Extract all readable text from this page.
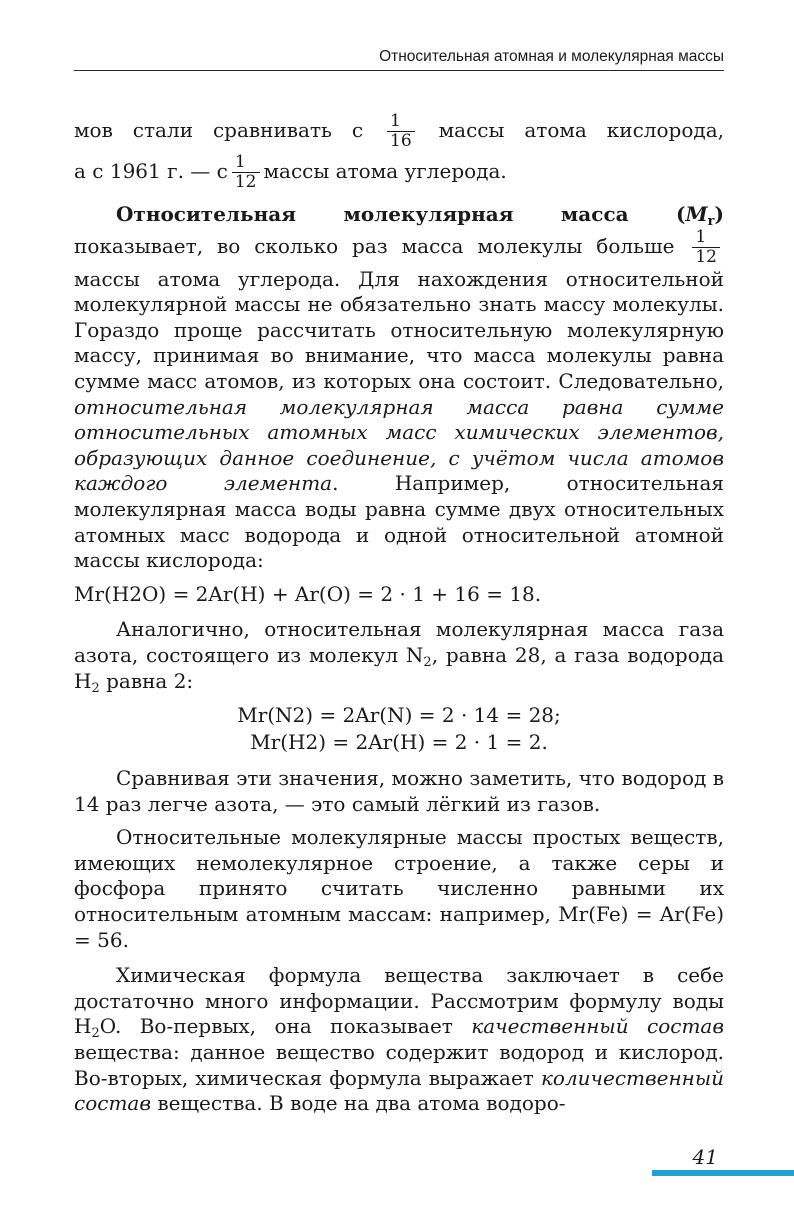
Относительная атомная и молекулярная массы

мов стали сравнивать с $\frac{1}{16}$ массы атома кислорода,

а с 1961 г. — с $\frac{1}{12}$ массы атома углерода.

Относительная молекулярная масса $(M_r)$ показывает, во сколько раз масса молекулы больше $\frac{1}{12}$
массы атома углерода. Для нахождения относительной молекулярной массы не обязательно знать массу молекулы. Гораздо проще рассчитать относительную молекулярную массу, принимая во внимание, что масса молекулы равна сумме масс атомов, из которых она состоит. Следовательно, относительная молекулярная масса равна сумме относительных атомных масс химических элементов, образующих данное соединение, с учётом числа атомов каждого элемента. Например, относительная молекулярная масса воды равна сумме двух относительных атомных масс водорода и одной относительной атомной массы кислорода:

Mr(H2O) = 2Ar(H) + Ar(O) = 2 · 1 + 16 = 18.

Аналогично, относительная молекулярная масса газа азота, состоящего из молекул $N_2$, равна 28, а газа водорода $H_2$ равна 2:

Mr(N2) = 2Ar(N) = 2 · 14 = 28;
Mr(H2) = 2Ar(H) = 2 · 1 = 2.

Сравнивая эти значения, можно заметить, что водород в 14 раз легче азота, — это самый лёгкий из газов.

Относительные молекулярные массы простых веществ, имеющих немолекулярное строение, а также серы и фосфора принято считать численно равными их относительным атомным массам: например, Mr(Fe) = Ar(Fe) = 56.

Химическая формула вещества заключает в себе достаточно много информации. Рассмотрим формулу воды $H_2O$. Во-первых, она показывает качественный состав вещества: данное вещество содержит водород и кислород. Во-вторых, химическая формула выражает количественный состав вещества. В воде на два атома водоро-

41
